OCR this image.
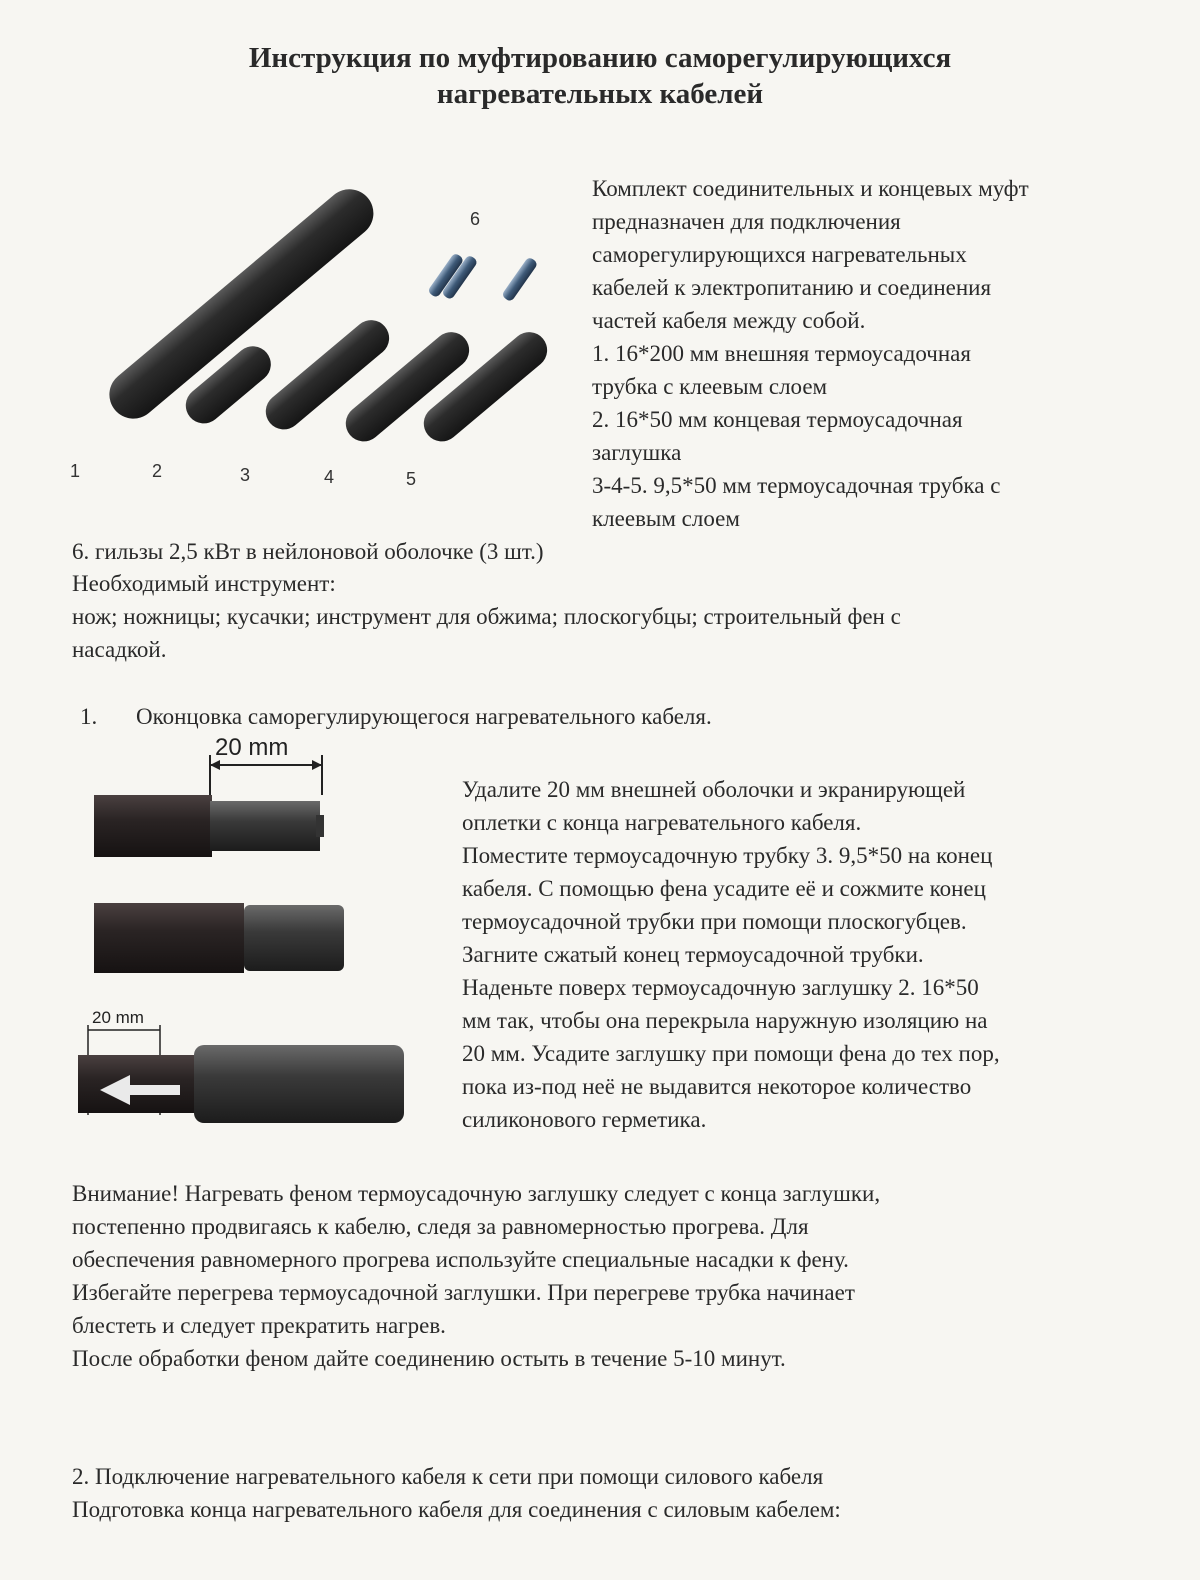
Инструкция по муфтированию саморегулирующихся
нагревательных кабелей
1	2	3	4	5
6
Комплект соединительных и концевых муфт
предназначен для подключения
саморегулирующихся нагревательных
кабелей к электропитанию и соединения
частей кабеля между собой.
1. 16*200 мм внешняя термоусадочная
трубка с клеевым слоем
2. 16*50 мм концевая термоусадочная
заглушка
3-4-5. 9,5*50 мм термоусадочная трубка с
клеевым слоем
6. гильзы 2,5 кВт в нейлоновой оболочке (3 шт.)
Необходимый инструмент:
нож; ножницы; кусачки; инструмент для обжима; плоскогубцы; строительный фен с
насадкой.
1. Оконцовка саморегулирующегося нагревательного кабеля.
20 mm
20 mm
Удалите 20 мм внешней оболочки и экранирующей
оплетки с конца нагревательного кабеля.
Поместите термоусадочную трубку 3. 9,5*50 на конец
кабеля. С помощью фена усадите её и сожмите конец
термоусадочной трубки при помощи плоскогубцев.
Загните сжатый конец термоусадочной трубки.
Наденьте поверх термоусадочную заглушку 2. 16*50
мм так, чтобы она перекрыла наружную изоляцию на
20 мм. Усадите заглушку при помощи фена до тех пор,
пока из-под неё не выдавится некоторое количество
силиконового герметика.
Внимание! Нагревать феном термоусадочную заглушку следует с конца заглушки,
постепенно продвигаясь к кабелю, следя за равномерностью прогрева. Для
обеспечения равномерного прогрева используйте специальные насадки к фену.
Избегайте перегрева термоусадочной заглушки. При перегреве трубка начинает
блестеть и следует прекратить нагрев.
После обработки феном дайте соединению остыть в течение 5-10 минут.
2. Подключение нагревательного кабеля к сети при помощи силового кабеля
Подготовка конца нагревательного кабеля для соединения с силовым кабелем:
